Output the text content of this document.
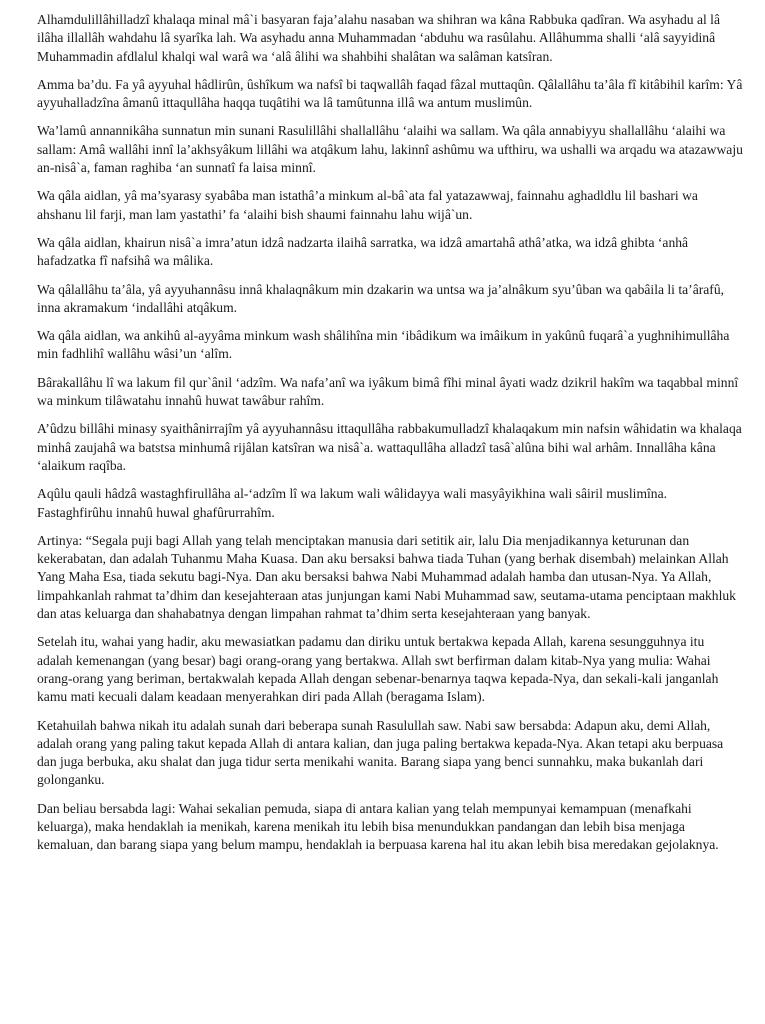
Alhamdulillâhilladzî khalaqa minal mâ`i basyaran faja’alahu nasaban wa shihran wa kâna Rabbuka qadîran. Wa asyhadu al lâ ilâha illallâh wahdahu lâ syarîka lah. Wa asyhadu anna Muhammadan ‘abduhu wa rasûlahu. Allâhumma shalli ‘alâ sayyidinâ Muhammadin afdlalul khalqi wal warâ wa ‘alâ âlihi wa shahbihi shalâtan wa salâman katsîran.

Amma ba’du. Fa yâ ayyuhal hâdlirûn, ûshîkum wa nafsî bi taqwallâh faqad fâzal muttaqûn. Qâlallâhu ta’âla fî kitâbihil karîm: Yâ ayyuhalladzîna âmanû ittaqullâha haqqa tuqâtihi wa lâ tamûtunna illâ wa antum muslimûn.

Wa’lamû annannikâha sunnatun min sunani Rasulillâhi shallallâhu ‘alaihi wa sallam. Wa qâla annabiyyu shallallâhu ‘alaihi wa sallam: Amâ wallâhi innî la’akhsyâkum lillâhi wa atqâkum lahu, lakinnî ashûmu wa ufthiru, wa ushalli wa arqadu wa atazawwaju an-nisâ`a, faman raghiba ‘an sunnatî fa laisa minnî.

Wa qâla aidlan, yâ ma’syarasy syabâba man istathâ’a minkum al-bâ`ata fal yatazawwaj, fainnahu aghadldlu lil bashari wa ahshanu lil farji, man lam yastathi’ fa ‘alaihi bish shaumi fainnahu lahu wijâ`un.

Wa qâla aidlan, khairun nisâ`a imra’atun idzâ nadzarta ilaihâ sarratka, wa idzâ amartahâ athâ’atka, wa idzâ ghibta ‘anhâ hafadzatka fî nafsihâ wa mâlika.

Wa qâlallâhu ta’âla, yâ ayyuhannâsu innâ khalaqnâkum min dzakarin wa untsa wa ja’alnâkum syu’ûban wa qabâila li ta’ârafû, inna akramakum ‘indallâhi atqâkum.

Wa qâla aidlan, wa ankihû al-ayyâma minkum wash shâlihîna min ‘ibâdikum wa imâikum in yakûnû fuqarâ`a yughnihimullâha min fadhlihî wallâhu wâsi’un ‘alîm.

Bârakallâhu lî wa lakum fil qur`ânil ‘adzîm. Wa nafa’anî wa iyâkum bimâ fîhi minal âyati wadz dzikril hakîm wa taqabbal minnî wa minkum tilâwatahu innahû huwat tawâbur rahîm.

A’ûdzu billâhi minasy syaithânirrajîm yâ ayyuhannâsu ittaqullâha rabbakumulladzî khalaqakum min nafsin wâhidatin wa khalaqa minhâ zaujahâ wa batstsa minhumâ rijâlan katsîran wa nisâ`a. wattaqullâha alladzî tasâ`alûna bihi wal arhâm. Innallâha kâna ‘alaikum raqîba.

Aqûlu qauli hâdzâ wastaghfirullâha al-‘adzîm lî wa lakum wali wâlidayya wali masyâyikhina wali sâiril muslimîna. Fastaghfirûhu innahû huwal ghafûrurrahîm.

Artinya: “Segala puji bagi Allah yang telah menciptakan manusia dari setitik air, lalu Dia menjadikannya keturunan dan kekerabatan, dan adalah Tuhanmu Maha Kuasa. Dan aku bersaksi bahwa tiada Tuhan (yang berhak disembah) melainkan Allah Yang Maha Esa, tiada sekutu bagi-Nya. Dan aku bersaksi bahwa Nabi Muhammad adalah hamba dan utusan-Nya. Ya Allah, limpahkanlah rahmat ta’dhim dan kesejahteraan atas junjungan kami Nabi Muhammad saw, seutama-utama penciptaan makhluk dan atas keluarga dan shahabatnya dengan limpahan rahmat ta’dhim serta kesejahteraan yang banyak.

Setelah itu, wahai yang hadir, aku mewasiatkan padamu dan diriku untuk bertakwa kepada Allah, karena sesungguhnya itu adalah kemenangan (yang besar) bagi orang-orang yang bertakwa. Allah swt berfirman dalam kitab-Nya yang mulia: Wahai orang-orang yang beriman, bertakwalah kepada Allah dengan sebenar-benarnya taqwa kepada-Nya, dan sekali-kali janganlah kamu mati kecuali dalam keadaan menyerahkan diri pada Allah (beragama Islam).

Ketahuilah bahwa nikah itu adalah sunah dari beberapa sunah Rasulullah saw. Nabi saw bersabda: Adapun aku, demi Allah, adalah orang yang paling takut kepada Allah di antara kalian, dan juga paling bertakwa kepada-Nya. Akan tetapi aku berpuasa dan juga berbuka, aku shalat dan juga tidur serta menikahi wanita. Barang siapa yang benci sunnahku, maka bukanlah dari golonganku.

Dan beliau bersabda lagi: Wahai sekalian pemuda, siapa di antara kalian yang telah mempunyai kemampuan (menafkahi keluarga), maka hendaklah ia menikah, karena menikah itu lebih bisa menundukkan pandangan dan lebih bisa menjaga kemaluan, dan barang siapa yang belum mampu, hendaklah ia berpuasa karena hal itu akan lebih bisa meredakan gejolaknya.
